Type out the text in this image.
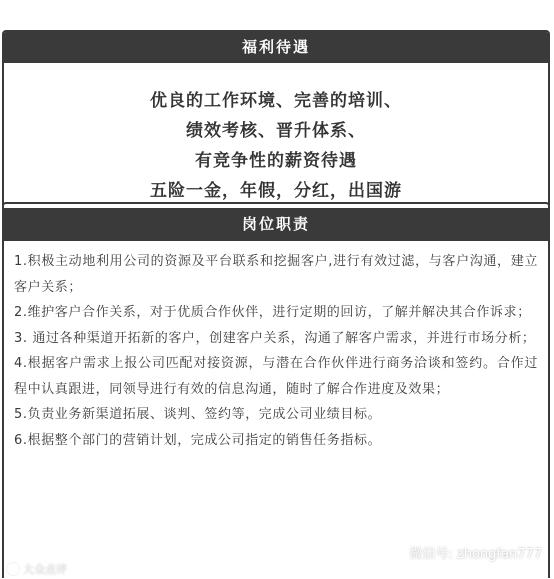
福利待遇
优良的工作环境、完善的培训、
绩效考核、晋升体系、
有竞争性的薪资待遇
五险一金，年假，分红，出国游
岗位职责

1.积极主动地利用公司的资源及平台联系和挖掘客户,进行有效过滤，与客户沟通，建立客户关系；

2.维护客户合作关系，对于优质合作伙伴，进行定期的回访，了解并解决其合作诉求；

3. 通过各种渠道开拓新的客户，创建客户关系，沟通了解客户需求，并进行市场分析；

4.根据客户需求上报公司匹配对接资源，与潜在合作伙伴进行商务洽谈和签约。合作过程中认真跟进，同领导进行有效的信息沟通，随时了解合作进度及效果；

5.负责业务新渠道拓展、谈判、签约等，完成公司业绩目标。

6.根据整个部门的营销计划，完成公司指定的销售任务指标。

微信号: zhongfan777
大众点评
